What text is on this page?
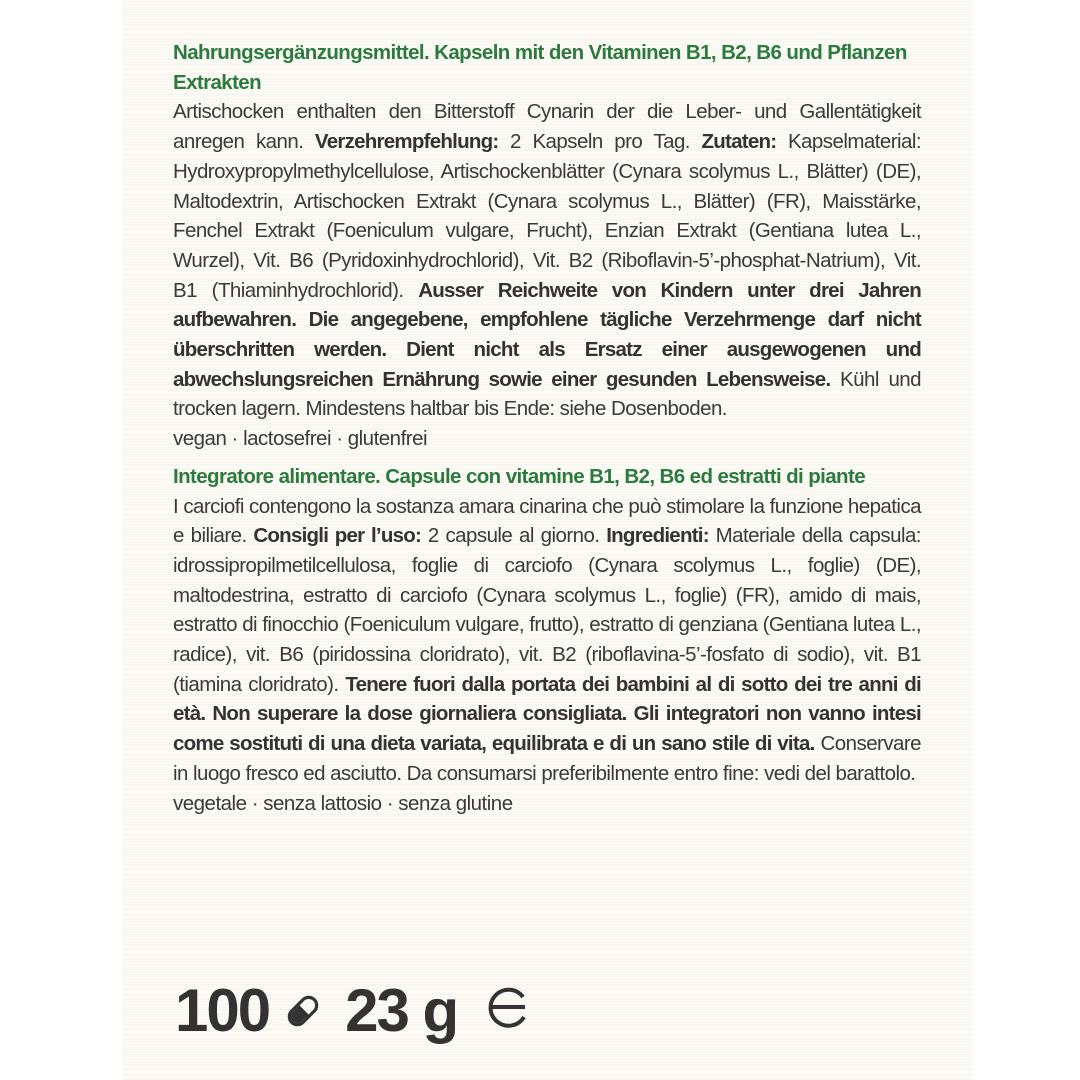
Nahrungsergänzungsmittel. Kapseln mit den Vitaminen B1, B2, B6 und Pflanzen Extrakten

Artischocken enthalten den Bitterstoff Cynarin der die Leber- und Gallentätigkeit anregen kann. Verzehrempfehlung: 2 Kapseln pro Tag. Zutaten: Kapselmaterial: Hydroxypropylmethylcellulose, Artischockenblätter (Cynara scolymus L., Blätter) (DE), Maltodextrin, Artischocken Extrakt (Cynara scolymus L., Blätter) (FR), Maisstärke, Fenchel Extrakt (Foeniculum vulgare, Frucht), Enzian Extrakt (Gentiana lutea L., Wurzel), Vit. B6 (Pyridoxinhydrochlorid), Vit. B2 (Riboflavin-5’-phosphat-Natrium), Vit. B1 (Thiaminhydrochlorid). Ausser Reichweite von Kindern unter drei Jahren aufbewahren. Die angegebene, empfohlene tägliche Verzehrmenge darf nicht überschritten werden. Dient nicht als Ersatz einer ausgewogenen und abwechslungsreichen Ernährung sowie einer gesunden Lebensweise. Kühl und trocken lagern. Mindestens haltbar bis Ende: siehe Dosenboden.

vegan · lactosefrei · glutenfrei

Integratore alimentare. Capsule con vitamine B1, B2, B6 ed estratti di piante

I carciofi contengono la sostanza amara cinarina che può stimolare la funzione hepatica e biliare. Consigli per l’uso: 2 capsule al giorno. Ingredienti: Materiale della capsula: idrossipropilmetilcellulosa, foglie di carciofo (Cynara scolymus L., foglie) (DE), maltodestrina, estratto di carciofo (Cynara scolymus L., foglie) (FR), amido di mais, estratto di finocchio (Foeniculum vulgare, frutto), estratto di genziana (Gentiana lutea L., radice), vit. B6 (piridossina cloridrato), vit. B2 (riboflavina-5’-fosfato di sodio), vit. B1 (tiamina cloridrato). Tenere fuori dalla portata dei bambini al di sotto dei tre anni di età. Non superare la dose giornaliera consigliata. Gli integratori non vanno intesi come sostituti di una dieta variata, equilibrata e di un sano stile di vita. Conservare in luogo fresco ed asciutto. Da consumarsi preferibilmente entro fine: vedi del barattolo.

vegetale · senza lattosio · senza glutine

100 23 g
